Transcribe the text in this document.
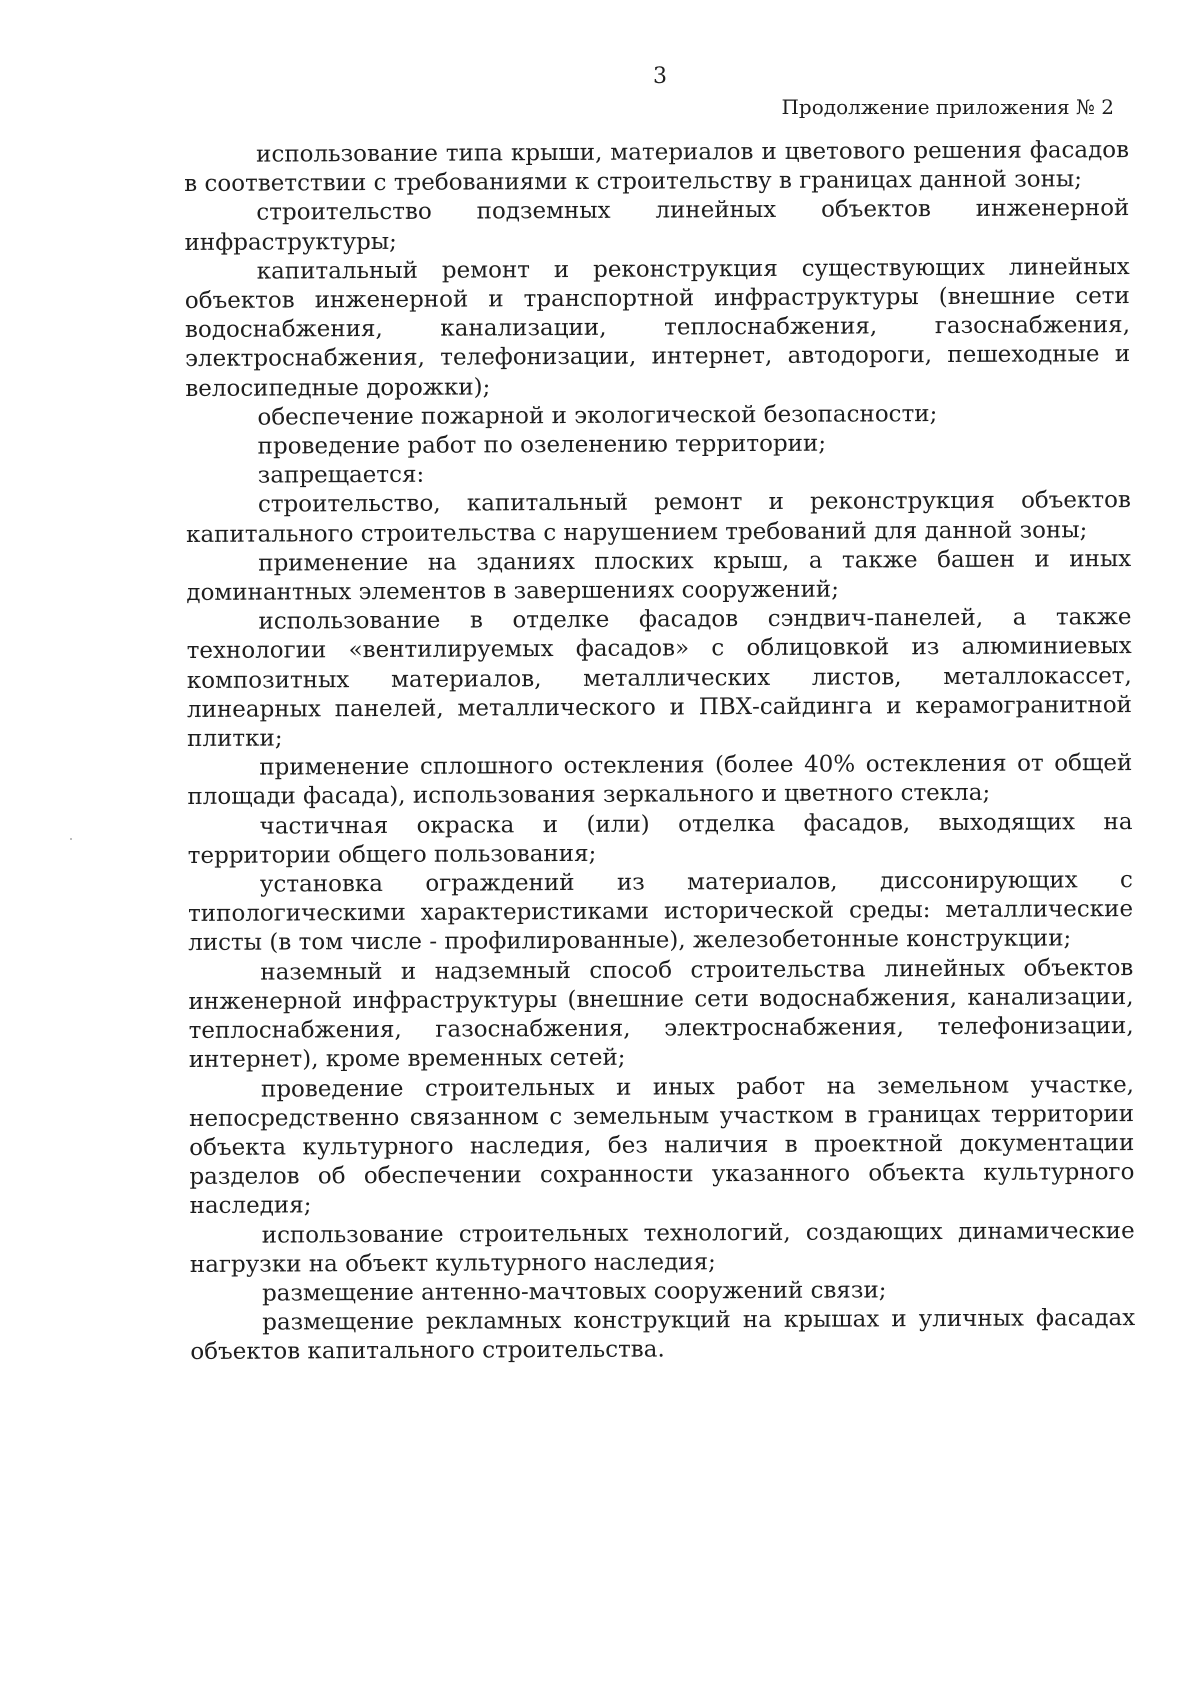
3
Продолжение приложения № 2

использование типа крыши, материалов и цветового решения фасадов в соответствии с требованиями к строительству в границах данной зоны;

строительство подземных линейных объектов инженерной инфраструктуры;

капитальный ремонт и реконструкция существующих линейных объектов инженерной и транспортной инфраструктуры (внешние сети водоснабжения, канализации, теплоснабжения, газоснабжения, электроснабжения, телефонизации, интернет, автодороги, пешеходные и велосипедные дорожки);

обеспечение пожарной и экологической безопасности;

проведение работ по озеленению территории;

запрещается:

строительство, капитальный ремонт и реконструкция объектов капитального строительства с нарушением требований для данной зоны;

применение на зданиях плоских крыш, а также башен и иных доминантных элементов в завершениях сооружений;

использование в отделке фасадов сэндвич-панелей, а также технологии «вентилируемых фасадов» с облицовкой из алюминиевых композитных материалов, металлических листов, металлокассет, линеарных панелей, металлического и ПВХ-сайдинга и керамогранитной плитки;

применение сплошного остекления (более 40% остекления от общей площади фасада), использования зеркального и цветного стекла;

частичная окраска и (или) отделка фасадов, выходящих на территории общего пользования;

установка ограждений из материалов, диссонирующих с типологическими характеристиками исторической среды: металлические листы (в том числе - профилированные), железобетонные конструкции;

наземный и надземный способ строительства линейных объектов инженерной инфраструктуры (внешние сети водоснабжения, канализации, теплоснабжения, газоснабжения, электроснабжения, телефонизации, интернет), кроме временных сетей;

проведение строительных и иных работ на земельном участке, непосредственно связанном с земельным участком в границах территории объекта культурного наследия, без наличия в проектной документации разделов об обеспечении сохранности указанного объекта культурного наследия;

использование строительных технологий, создающих динамические нагрузки на объект культурного наследия;

размещение антенно-мачтовых сооружений связи;

размещение рекламных конструкций на крышах и уличных фасадах объектов капитального строительства.
